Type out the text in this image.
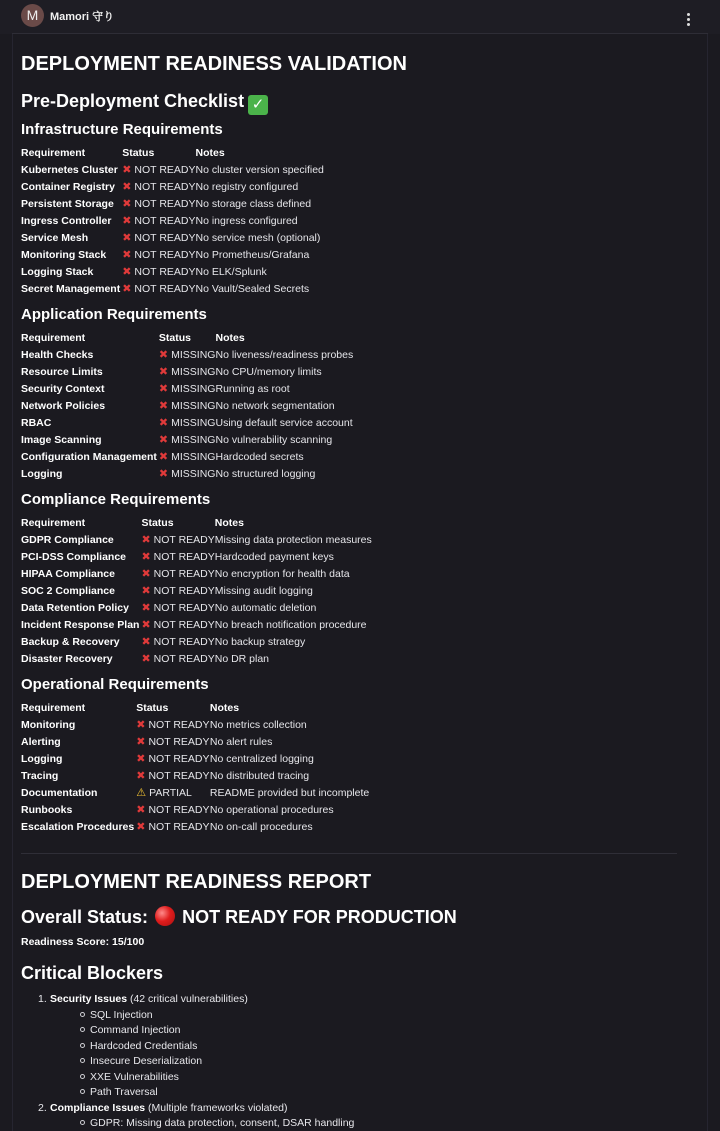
M	Mamori 守り
DEPLOYMENT READINESS VALIDATION
Pre-Deployment Checklist ✓
Infrastructure Requirements
Requirement	Status	Notes
Kubernetes Cluster	✖ NOT READY	No cluster version specified
Container Registry	✖ NOT READY	No registry configured
Persistent Storage	✖ NOT READY	No storage class defined
Ingress Controller	✖ NOT READY	No ingress configured
Service Mesh	✖ NOT READY	No service mesh (optional)
Monitoring Stack	✖ NOT READY	No Prometheus/Grafana
Logging Stack	✖ NOT READY	No ELK/Splunk
Secret Management	✖ NOT READY	No Vault/Sealed Secrets
Application Requirements
Requirement	Status	Notes
Health Checks	✖ MISSING	No liveness/readiness probes
Resource Limits	✖ MISSING	No CPU/memory limits
Security Context	✖ MISSING	Running as root
Network Policies	✖ MISSING	No network segmentation
RBAC	✖ MISSING	Using default service account
Image Scanning	✖ MISSING	No vulnerability scanning
Configuration Management	✖ MISSING	Hardcoded secrets
Logging	✖ MISSING	No structured logging
Compliance Requirements
Requirement	Status	Notes
GDPR Compliance	✖ NOT READY	Missing data protection measures
PCI-DSS Compliance	✖ NOT READY	Hardcoded payment keys
HIPAA Compliance	✖ NOT READY	No encryption for health data
SOC 2 Compliance	✖ NOT READY	Missing audit logging
Data Retention Policy	✖ NOT READY	No automatic deletion
Incident Response Plan	✖ NOT READY	No breach notification procedure
Backup & Recovery	✖ NOT READY	No backup strategy
Disaster Recovery	✖ NOT READY	No DR plan
Operational Requirements
Requirement	Status	Notes
Monitoring	✖ NOT READY	No metrics collection
Alerting	✖ NOT READY	No alert rules
Logging	✖ NOT READY	No centralized logging
Tracing	✖ NOT READY	No distributed tracing
Documentation	⚠ PARTIAL	README provided but incomplete
Runbooks	✖ NOT READY	No operational procedures
Escalation Procedures	✖ NOT READY	No on-call procedures
DEPLOYMENT READINESS REPORT
Overall Status: NOT READY FOR PRODUCTION
Readiness Score: 15/100
Critical Blockers
1. Security Issues (42 critical vulnerabilities)
SQL Injection
Command Injection
Hardcoded Credentials
Insecure Deserialization
XXE Vulnerabilities
Path Traversal
2. Compliance Issues (Multiple frameworks violated)
GDPR: Missing data protection, consent, DSAR handling
